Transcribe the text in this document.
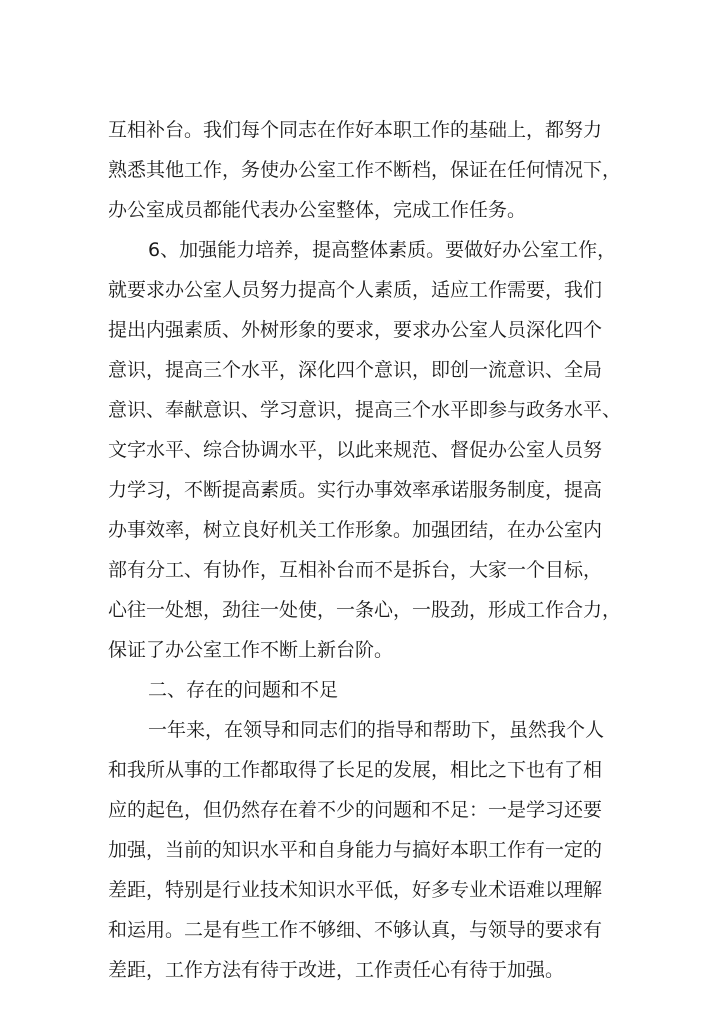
互相补台。我们每个同志在作好本职工作的基础上，都努力
熟悉其他工作，务使办公室工作不断档，保证在任何情况下，
办公室成员都能代表办公室整体，完成工作任务。
6、加强能力培养，提高整体素质。要做好办公室工作，
就要求办公室人员努力提高个人素质，适应工作需要，我们
提出内强素质、外树形象的要求，要求办公室人员深化四个
意识，提高三个水平，深化四个意识，即创一流意识、全局
意识、奉献意识、学习意识，提高三个水平即参与政务水平、
文字水平、综合协调水平，以此来规范、督促办公室人员努
力学习，不断提高素质。实行办事效率承诺服务制度，提高
办事效率，树立良好机关工作形象。加强团结，在办公室内
部有分工、有协作，互相补台而不是拆台，大家一个目标，
心往一处想，劲往一处使，一条心，一股劲，形成工作合力，
保证了办公室工作不断上新台阶。
二、存在的问题和不足
一年来，在领导和同志们的指导和帮助下，虽然我个人
和我所从事的工作都取得了长足的发展，相比之下也有了相
应的起色，但仍然存在着不少的问题和不足：一是学习还要
加强，当前的知识水平和自身能力与搞好本职工作有一定的
差距，特别是行业技术知识水平低，好多专业术语难以理解
和运用。二是有些工作不够细、不够认真，与领导的要求有
差距，工作方法有待于改进，工作责任心有待于加强。
